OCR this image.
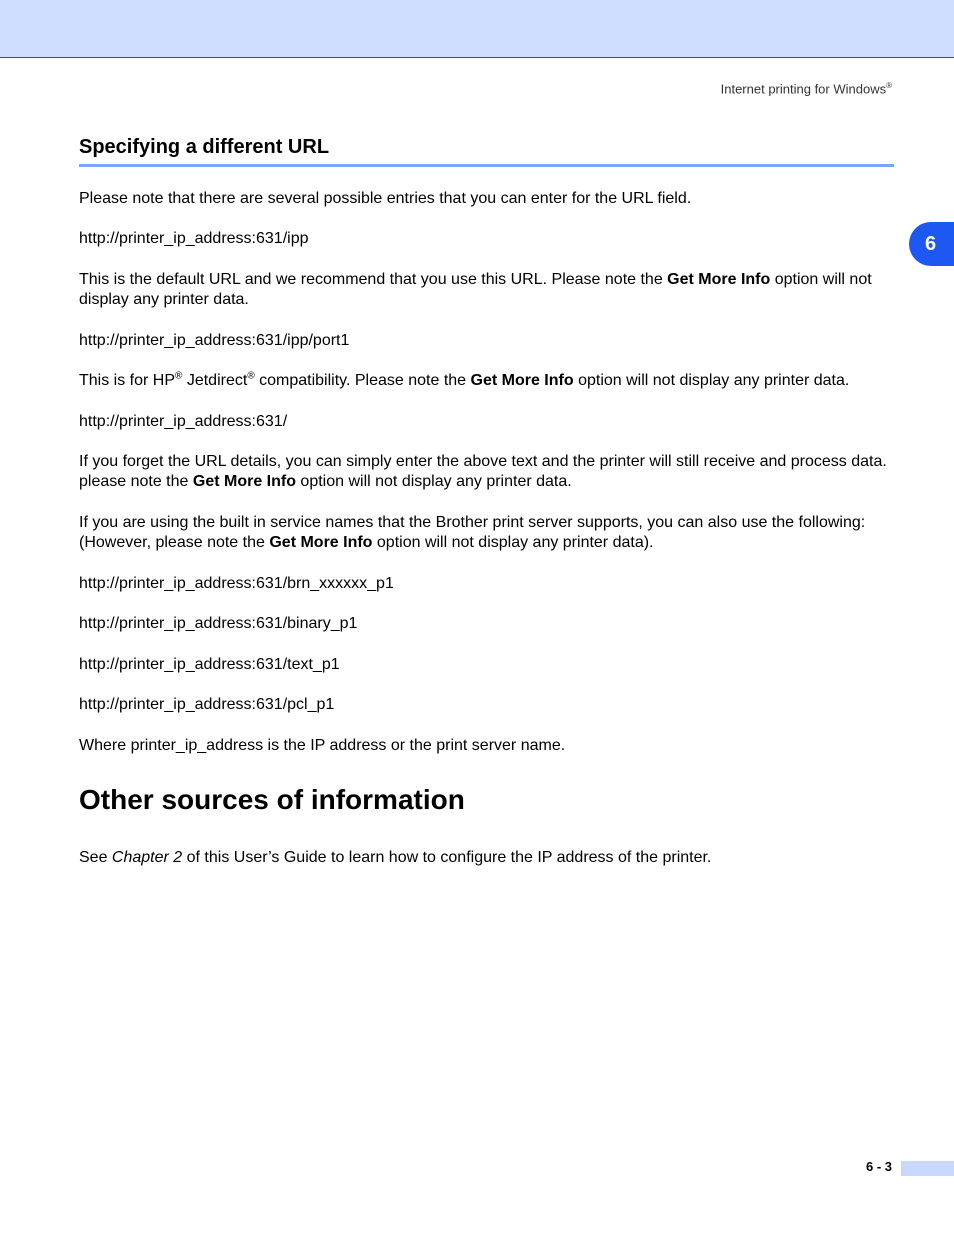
Internet printing for Windows®
6
Specifying a different URL

Please note that there are several possible entries that you can enter for the URL field.

http://printer_ip_address:631/ipp

This is the default URL and we recommend that you use this URL. Please note the Get More Info option will not display any printer data.

http://printer_ip_address:631/ipp/port1

This is for HP® Jetdirect® compatibility. Please note the Get More Info option will not display any printer data.

http://printer_ip_address:631/

If you forget the URL details, you can simply enter the above text and the printer will still receive and process data. please note the Get More Info option will not display any printer data.

If you are using the built in service names that the Brother print server supports, you can also use the following: (However, please note the Get More Info option will not display any printer data).

http://printer_ip_address:631/brn_xxxxxx_p1

http://printer_ip_address:631/binary_p1

http://printer_ip_address:631/text_p1

http://printer_ip_address:631/pcl_p1

Where printer_ip_address is the IP address or the print server name.

Other sources of information

See Chapter 2 of this User’s Guide to learn how to configure the IP address of the printer.

6 - 3
